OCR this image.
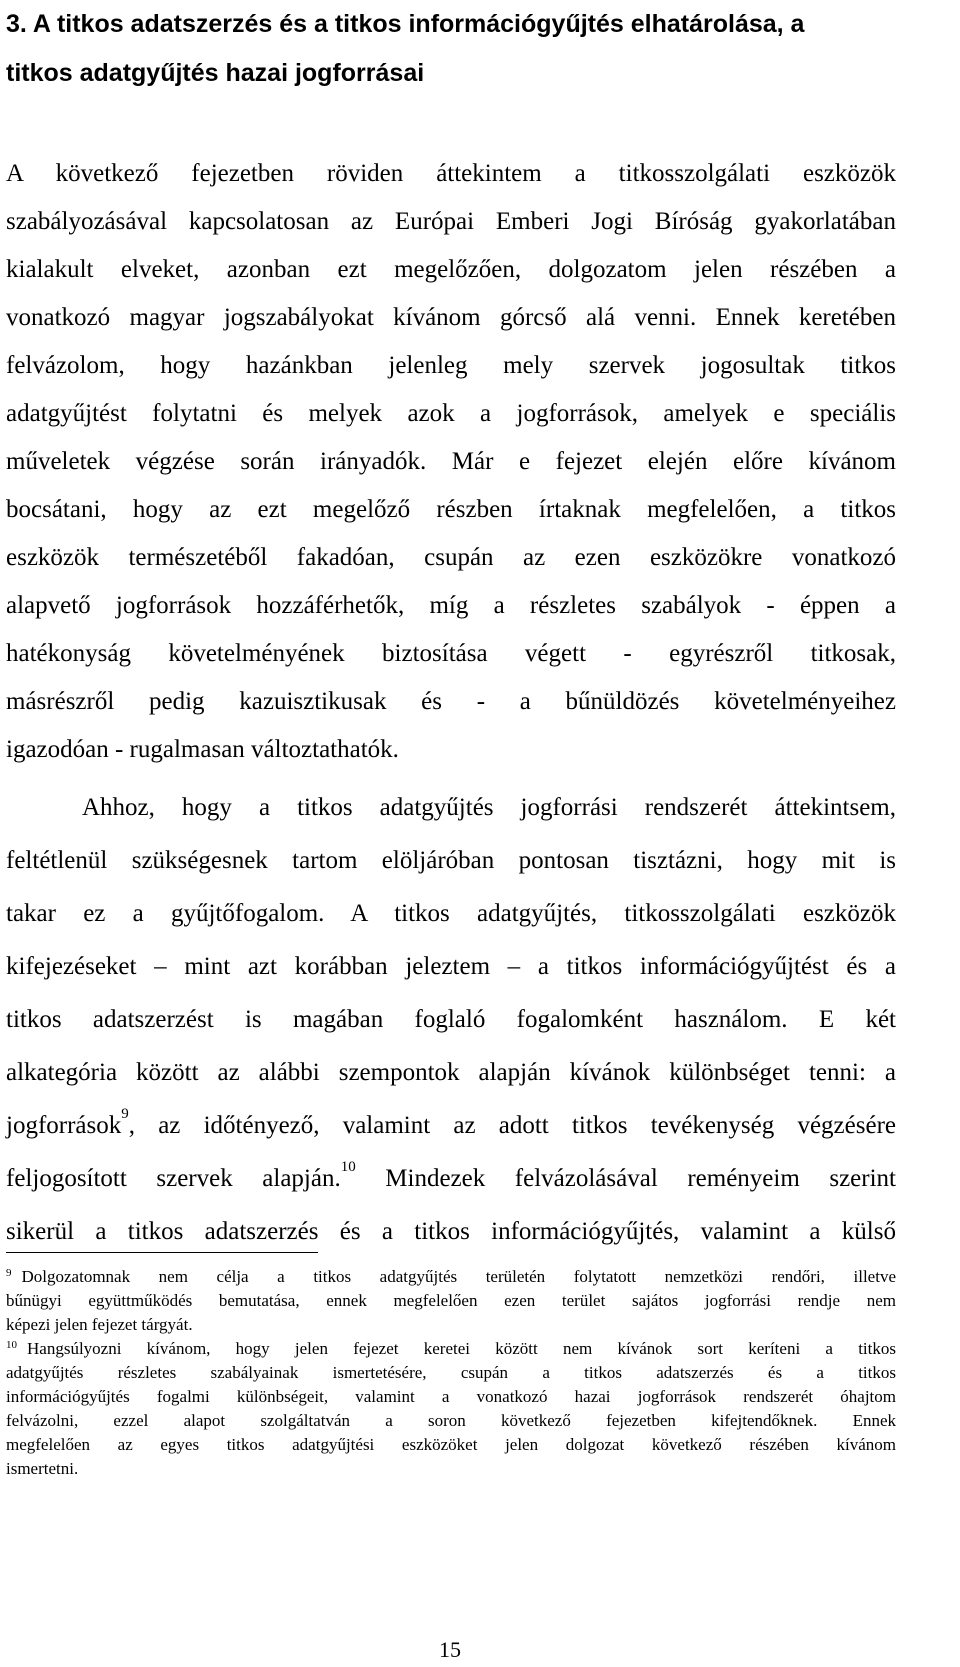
3. A titkos adatszerzés és a titkos információgyűjtés elhatárolása, a
titkos adatgyűjtés hazai jogforrásai
A következő fejezetben röviden áttekintem a titkosszolgálati eszközök
szabályozásával kapcsolatosan az Európai Emberi Jogi Bíróság gyakorlatában
kialakult elveket, azonban ezt megelőzően, dolgozatom jelen részében a
vonatkozó magyar jogszabályokat kívánom górcső alá venni. Ennek keretében
felvázolom, hogy hazánkban jelenleg mely szervek jogosultak titkos
adatgyűjtést folytatni és melyek azok a jogforrások, amelyek e speciális
műveletek végzése során irányadók. Már e fejezet elején előre kívánom
bocsátani, hogy az ezt megelőző részben írtaknak megfelelően, a titkos
eszközök természetéből fakadóan, csupán az ezen eszközökre vonatkozó
alapvető jogforrások hozzáférhetők, míg a részletes szabályok - éppen a
hatékonyság követelményének biztosítása végett - egyrészről titkosak,
másrészről pedig kazuisztikusak és - a bűnüldözés követelményeihez
igazodóan - rugalmasan változtathatók.
Ahhoz, hogy a titkos adatgyűjtés jogforrási rendszerét áttekintsem,
feltétlenül szükségesnek tartom elöljáróban pontosan tisztázni, hogy mit is
takar ez a gyűjtőfogalom. A titkos adatgyűjtés, titkosszolgálati eszközök
kifejezéseket – mint azt korábban jeleztem – a titkos információgyűjtést és a
titkos adatszerzést is magában foglaló fogalomként használom. E két
alkategória között az alábbi szempontok alapján kívánok különbséget tenni: a
jogforrások$^9$, az időtényező, valamint az adott titkos tevékenység végzésére
feljogosított szervek alapján.$^{10}$ Mindezek felvázolásával reményeim szerint
sikerül a titkos adatszerzés és a titkos információgyűjtés, valamint a külső
$^9$ Dolgozatomnak nem célja a titkos adatgyűjtés területén folytatott nemzetközi rendőri, illetve
bűnügyi együttműködés bemutatása, ennek megfelelően ezen terület sajátos jogforrási rendje nem
képezi jelen fejezet tárgyát.
$^{10}$ Hangsúlyozni kívánom, hogy jelen fejezet keretei között nem kívánok sort keríteni a titkos
adatgyűjtés részletes szabályainak ismertetésére, csupán a titkos adatszerzés és a titkos
információgyűjtés fogalmi különbségeit, valamint a vonatkozó hazai jogforrások rendszerét óhajtom
felvázolni, ezzel alapot szolgáltatván a soron következő fejezetben kifejtendőknek. Ennek
megfelelően az egyes titkos adatgyűjtési eszközöket jelen dolgozat következő részében kívánom
ismertetni.
15
